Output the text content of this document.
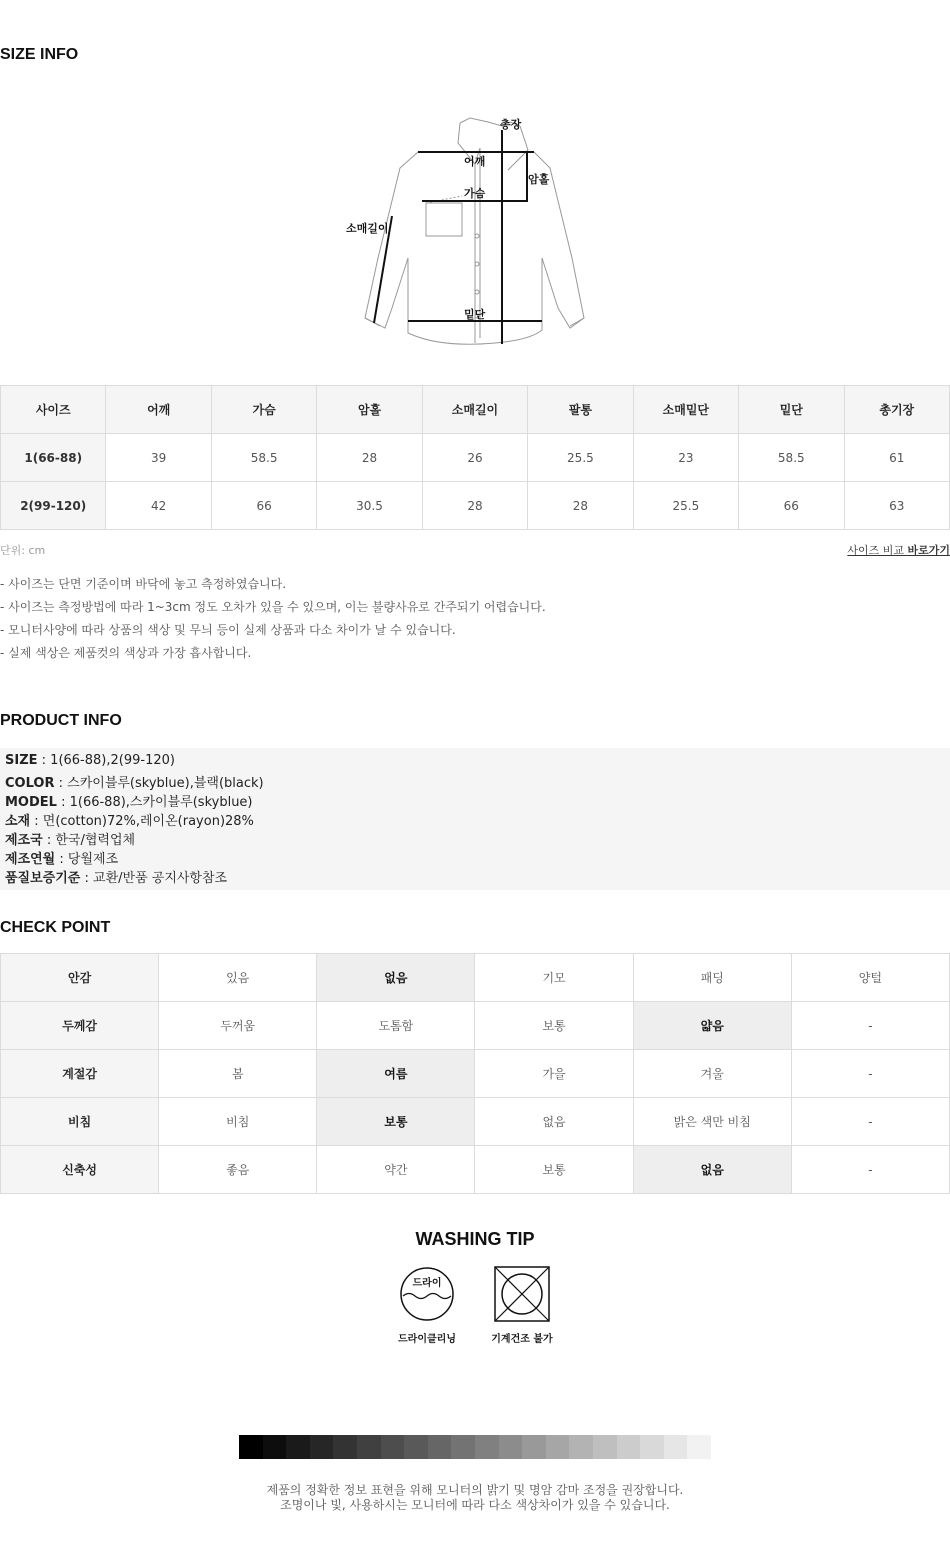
SIZE INFO
총장
어깨
암홀
가슴
소매길이
밑단
사이즈	어깨	가슴	암홀	소매길이	팔통	소매밑단	밑단	총기장
1(66-88)	39	58.5	28	26	25.5	23	58.5	61
2(99-120)	42	66	30.5	28	28	25.5	66	63
단위: cm	사이즈 비교 바로가기
- 사이즈는 단면 기준이며 바닥에 놓고 측정하였습니다.
- 사이즈는 측정방법에 따라 1~3cm 정도 오차가 있을 수 있으며, 이는 불량사유로 간주되기 어렵습니다.
- 모니터사양에 따라 상품의 색상 및 무늬 등이 실제 상품과 다소 차이가 날 수 있습니다.
- 실제 색상은 제품컷의 색상과 가장 흡사합니다.
PRODUCT INFO
SIZE : 1(66-88),2(99-120)
COLOR : 스카이블루(skyblue),블랙(black)
MODEL : 1(66-88),스카이블루(skyblue)
소재 : 면(cotton)72%,레이온(rayon)28%
제조국 : 한국/협력업체
제조연월 : 당월제조
품질보증기준 : 교환/반품 공지사항참조
CHECK POINT
안감	있음	없음	기모	패딩	양털
두께감	두꺼움	도톰함	보통	얇음	-
계절감	봄	여름	가을	겨울	-
비침	비침	보통	없음	밝은 색만 비침	-
신축성	좋음	약간	보통	없음	-
WASHING TIP
드라이
드라이클리닝	기계건조 불가
제품의 정확한 정보 표현을 위해 모니터의 밝기 및 명암 감마 조정을 권장합니다.
조명이나 빛, 사용하시는 모니터에 따라 다소 색상차이가 있을 수 있습니다.
